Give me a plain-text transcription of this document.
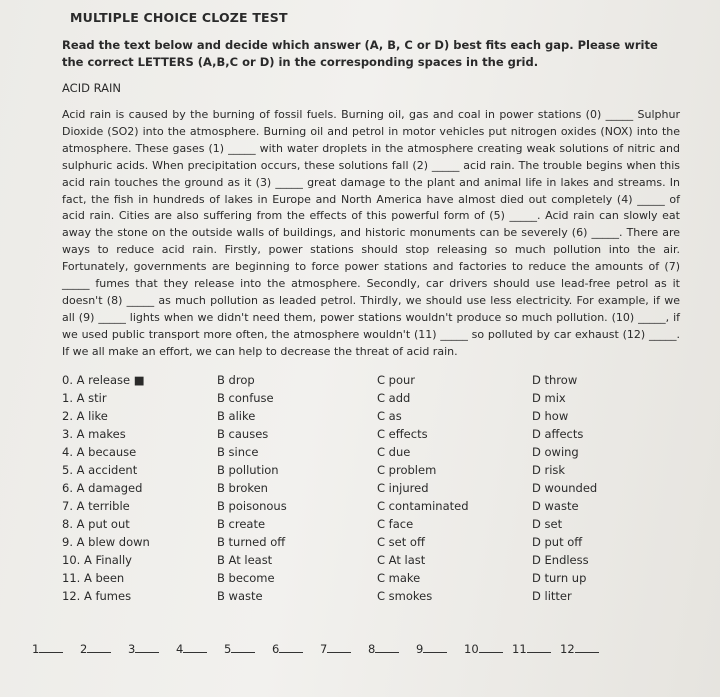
MULTIPLE CHOICE CLOZE TEST
Read the text below and decide which answer (A, B, C or D) best fits each gap. Please write the correct LETTERS (A,B,C or D) in the corresponding spaces in the grid.
ACID RAIN

Acid rain is caused by the burning of fossil fuels. Burning oil, gas and coal in power stations (0) _____ Sulphur Dioxide (SO2) into the atmosphere. Burning oil and petrol in motor vehicles put nitrogen oxides (NOX) into the atmosphere. These gases (1) _____ with water droplets in the atmosphere creating weak solutions of nitric and sulphuric acids. When precipitation occurs, these solutions fall (2) _____ acid rain. The trouble begins when this acid rain touches the ground as it (3) _____ great damage to the plant and animal life in lakes and streams. In fact, the fish in hundreds of lakes in Europe and North America have almost died out completely (4) _____ of acid rain. Cities are also suffering from the effects of this powerful form of (5) _____. Acid rain can slowly eat away the stone on the outside walls of buildings, and historic monuments can be severely (6) _____. There are ways to reduce acid rain. Firstly, power stations should stop releasing so much pollution into the air. Fortunately, governments are beginning to force power stations and factories to reduce the amounts of (7) _____ fumes that they release into the atmosphere. Secondly, car drivers should use lead-free petrol as it doesn't (8) _____ as much pollution as leaded petrol. Thirdly, we should use less electricity. For example, if we all (9) _____ lights when we didn't need them, power stations wouldn't produce so much pollution. (10) _____, if we used public transport more often, the atmosphere wouldn't (11) _____ so polluted by car exhaust (12) _____. If we all make an effort, we can help to decrease the threat of acid rain.

0. A release ■	B drop	C pour	D throw
1. A stir	B confuse	C add	D mix
2. A like	B alike	C as	D how
3. A makes	B causes	C effects	D affects
4. A because	B since	C due	D owing
5. A accident	B pollution	C problem	D risk
6. A damaged	B broken	C injured	D wounded
7. A terrible	B poisonous	C contaminated	D waste
8. A put out	B create	C face	D set
9. A blew down	B turned off	C set off	D put off
10. A Finally	B At least	C At last	D Endless
11. A been	B become	C make	D turn up
12. A fumes	B waste	C smokes	D litter
1	2	3	4	5	6	7	8	9	10	11	12
